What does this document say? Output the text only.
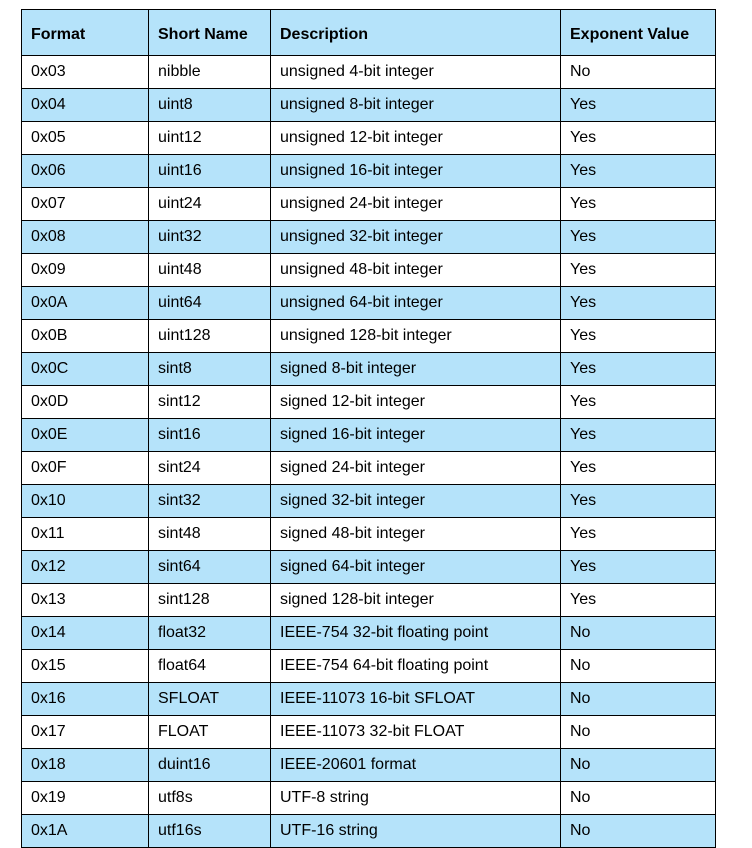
Format	Short Name	Description	Exponent Value
0x03	nibble	unsigned 4-bit integer	No
0x04	uint8	unsigned 8-bit integer	Yes
0x05	uint12	unsigned 12-bit integer	Yes
0x06	uint16	unsigned 16-bit integer	Yes
0x07	uint24	unsigned 24-bit integer	Yes
0x08	uint32	unsigned 32-bit integer	Yes
0x09	uint48	unsigned 48-bit integer	Yes
0x0A	uint64	unsigned 64-bit integer	Yes
0x0B	uint128	unsigned 128-bit integer	Yes
0x0C	sint8	signed 8-bit integer	Yes
0x0D	sint12	signed 12-bit integer	Yes
0x0E	sint16	signed 16-bit integer	Yes
0x0F	sint24	signed 24-bit integer	Yes
0x10	sint32	signed 32-bit integer	Yes
0x11	sint48	signed 48-bit integer	Yes
0x12	sint64	signed 64-bit integer	Yes
0x13	sint128	signed 128-bit integer	Yes
0x14	float32	IEEE-754 32-bit floating point	No
0x15	float64	IEEE-754 64-bit floating point	No
0x16	SFLOAT	IEEE-11073 16-bit SFLOAT	No
0x17	FLOAT	IEEE-11073 32-bit FLOAT	No
0x18	duint16	IEEE-20601 format	No
0x19	utf8s	UTF-8 string	No
0x1A	utf16s	UTF-16 string	No
